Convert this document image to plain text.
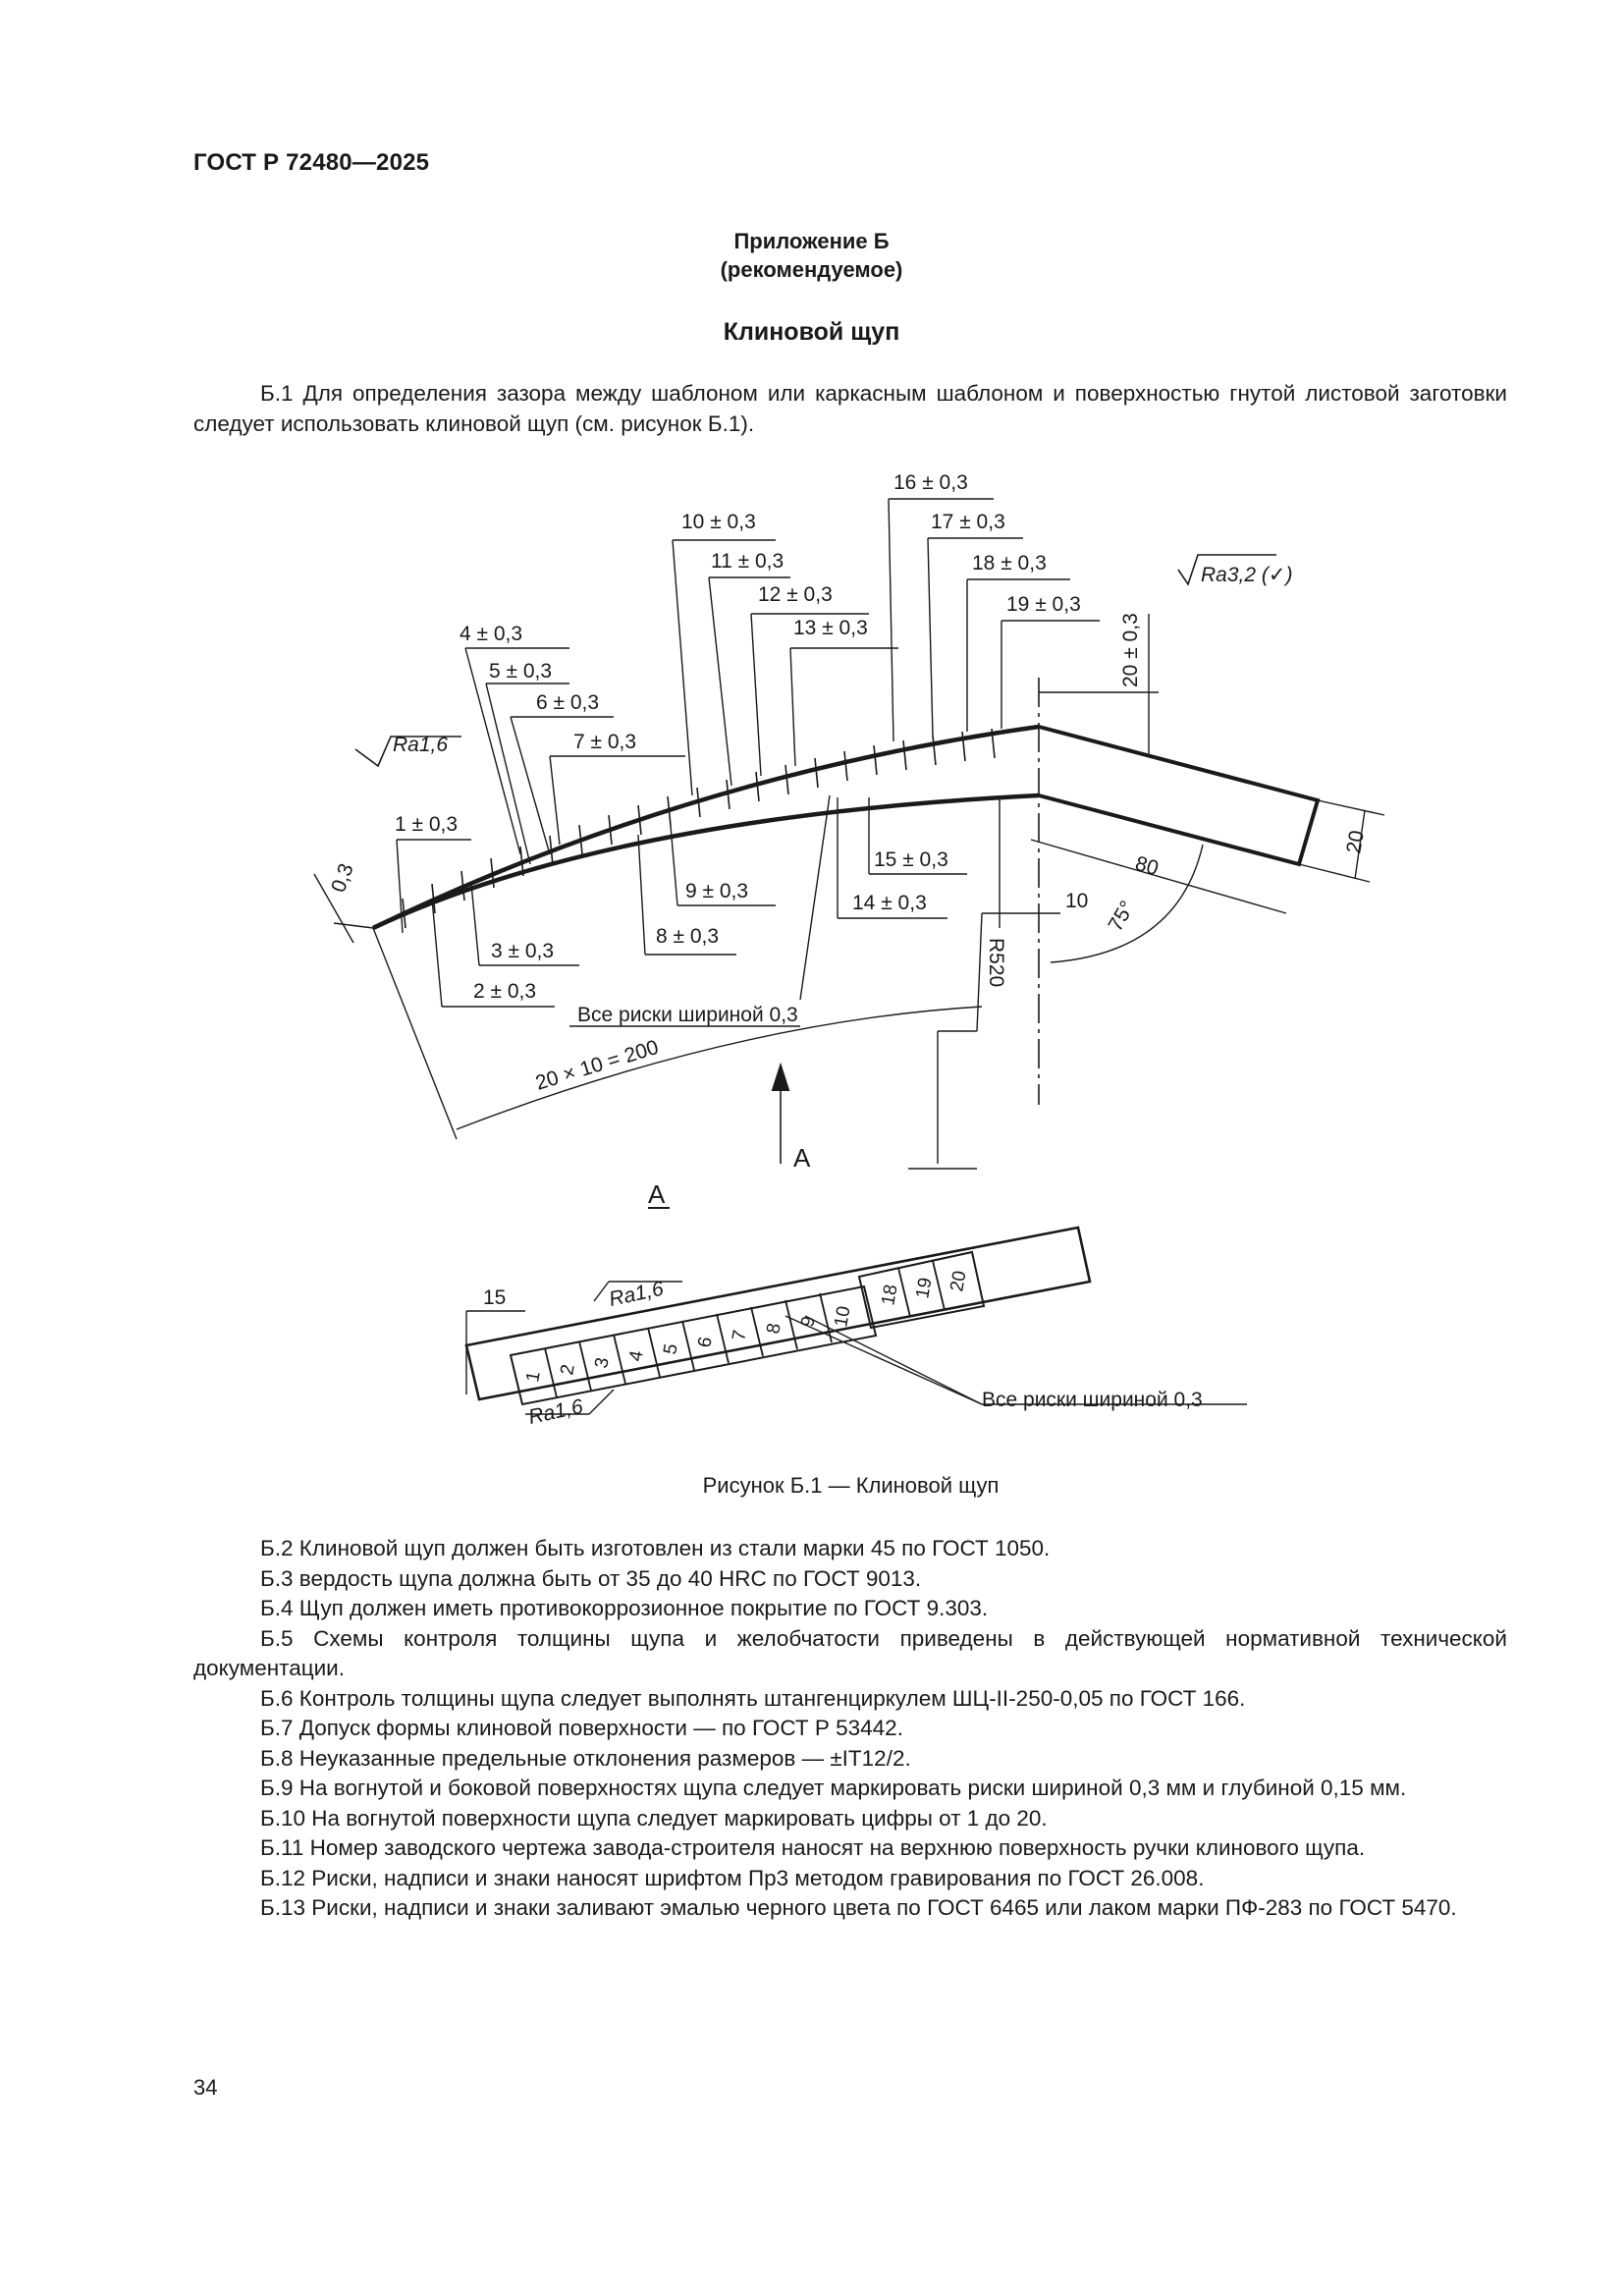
ГОСТ Р 72480—2025
Приложение Б
(рекомендуемое)
Клиновой щуп
Б.1 Для определения зазора между шаблоном или каркасным шаблоном и поверхностью гнутой листовой заготовки следует использовать клиновой щуп (см. рисунок Б.1).
16 ± 0,3
17 ± 0,3
18 ± 0,3
19 ± 0,3
10 ± 0,3
11 ± 0,3
12 ± 0,3
13 ± 0,3
4 ± 0,3
5 ± 0,3
6 ± 0,3
7 ± 0,3
1 ± 0,3
3 ± 0,3
2 ± 0,3
9 ± 0,3
8 ± 0,3
15 ± 0,3
14 ± 0,3
20 ± 0,3
Ra3,2 (✓)
Ra1,6
0,3
20
80
10 75°
R520
Все риски шириной 0,3
20 × 10 = 200
А
А
15	Ra1,6
Ra1,6	Все риски шириной 0,3
1 2 3 4 5 6 7 8 9 10
18 19 20
Рисунок Б.1 — Клиновой щуп
Б.2 Клиновой щуп должен быть изготовлен из стали марки 45 по ГОСТ 1050.
Б.3 вердость щупа должна быть от 35 до 40 HRC по ГОСТ 9013.
Б.4 Щуп должен иметь противокоррозионное покрытие по ГОСТ 9.303.
Б.5 Схемы контроля толщины щупа и желобчатости приведены в действующей нормативной технической документации.
Б.6 Контроль толщины щупа следует выполнять штангенциркулем ШЦ-II-250-0,05 по ГОСТ 166.
Б.7 Допуск формы клиновой поверхности — по ГОСТ Р 53442.
Б.8 Неуказанные предельные отклонения размеров — ±IT12/2.
Б.9 На вогнутой и боковой поверхностях щупа следует маркировать риски шириной 0,3 мм и глубиной 0,15 мм.
Б.10 На вогнутой поверхности щупа следует маркировать цифры от 1 до 20.
Б.11 Номер заводского чертежа завода-строителя наносят на верхнюю поверхность ручки клинового щупа.
Б.12 Риски, надписи и знаки наносят шрифтом Пр3 методом гравирования по ГОСТ 26.008.
Б.13 Риски, надписи и знаки заливают эмалью черного цвета по ГОСТ 6465 или лаком марки ПФ-283 по ГОСТ 5470.
34
